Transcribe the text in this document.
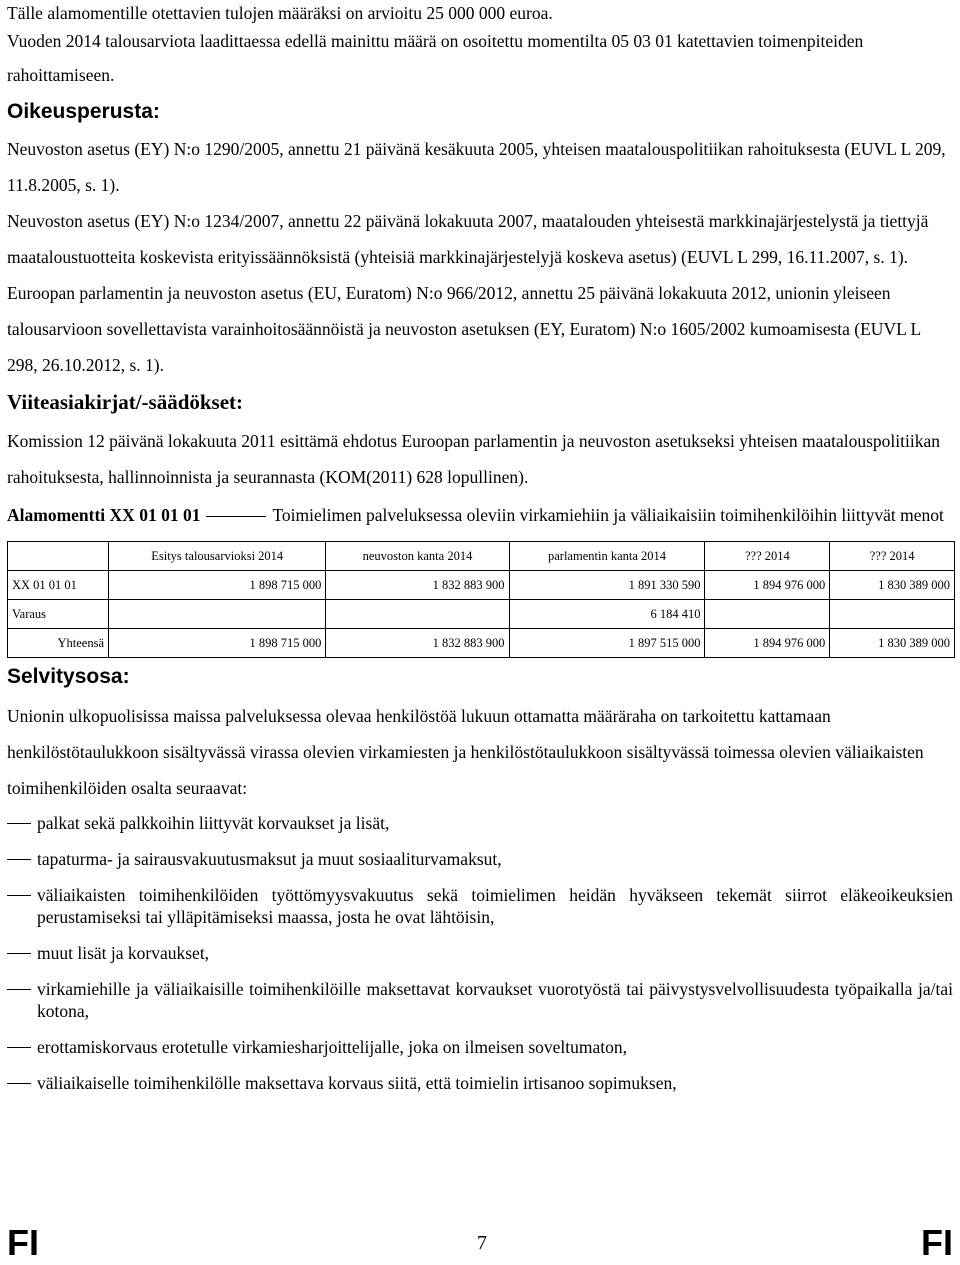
Tälle alamomentille otettavien tulojen määräksi on arvioitu 25 000 000 euroa.

Vuoden 2014 talousarviota laadittaessa edellä mainittu määrä on osoitettu momentilta 05 03 01 katettavien toimenpiteiden rahoittamiseen.

Oikeusperusta:

Neuvoston asetus (EY) N:o 1290/2005, annettu 21 päivänä kesäkuuta 2005, yhteisen maatalouspolitiikan rahoituksesta (EUVL L 209, 11.8.2005, s. 1).

Neuvoston asetus (EY) N:o 1234/2007, annettu 22 päivänä lokakuuta 2007, maatalouden yhteisestä markkinajärjestelystä ja tiettyjä maataloustuotteita koskevista erityissäännöksistä (yhteisiä markkinajärjestelyjä koskeva asetus) (EUVL L 299, 16.11.2007, s. 1).

Euroopan parlamentin ja neuvoston asetus (EU, Euratom) N:o 966/2012, annettu 25 päivänä lokakuuta 2012, unionin yleiseen talousarvioon sovellettavista varainhoitosäännöistä ja neuvoston asetuksen (EY, Euratom) N:o 1605/2002 kumoamisesta (EUVL L 298, 26.10.2012, s. 1).

Viiteasiakirjat/-säädökset:

Komission 12 päivänä lokakuuta 2011 esittämä ehdotus Euroopan parlamentin ja neuvoston asetukseksi yhteisen maatalouspolitiikan rahoituksesta, hallinnoinnista ja seurannasta (KOM(2011) 628 lopullinen).

Alamomentti XX 01 01 01	Toimielimen palveluksessa oleviin virkamiehiin ja väliaikaisiin toimihenkilöihin liittyvät menot

	Esitys talousarvioksi 2014	neuvoston kanta 2014	parlamentin kanta 2014	??? 2014	??? 2014
XX 01 01 01	1 898 715 000	1 832 883 900	1 891 330 590	1 894 976 000	1 830 389 000
Varaus			6 184 410		
Yhteensä	1 898 715 000	1 832 883 900	1 897 515 000	1 894 976 000	1 830 389 000
Selvitysosa:

Unionin ulkopuolisissa maissa palveluksessa olevaa henkilöstöä lukuun ottamatta määräraha on tarkoitettu kattamaan henkilöstötaulukkoon sisältyvässä virassa olevien virkamiesten ja henkilöstötaulukkoon sisältyvässä toimessa olevien väliaikaisten toimihenkilöiden osalta seuraavat:

palkat sekä palkkoihin liittyvät korvaukset ja lisät,
tapaturma- ja sairausvakuutusmaksut ja muut sosiaaliturvamaksut,
väliaikaisten toimihenkilöiden työttömyysvakuutus sekä toimielimen heidän hyväkseen tekemät siirrot eläkeoikeuksien perustamiseksi tai ylläpitämiseksi maassa, josta he ovat lähtöisin,
muut lisät ja korvaukset,
virkamiehille ja väliaikaisille toimihenkilöille maksettavat korvaukset vuorotyöstä tai päivystysvelvollisuudesta työpaikalla ja/tai kotona,
erottamiskorvaus erotetulle virkamiesharjoittelijalle, joka on ilmeisen soveltumaton,
väliaikaiselle toimihenkilölle maksettava korvaus siitä, että toimielin irtisanoo sopimuksen,
FI	7	FI
